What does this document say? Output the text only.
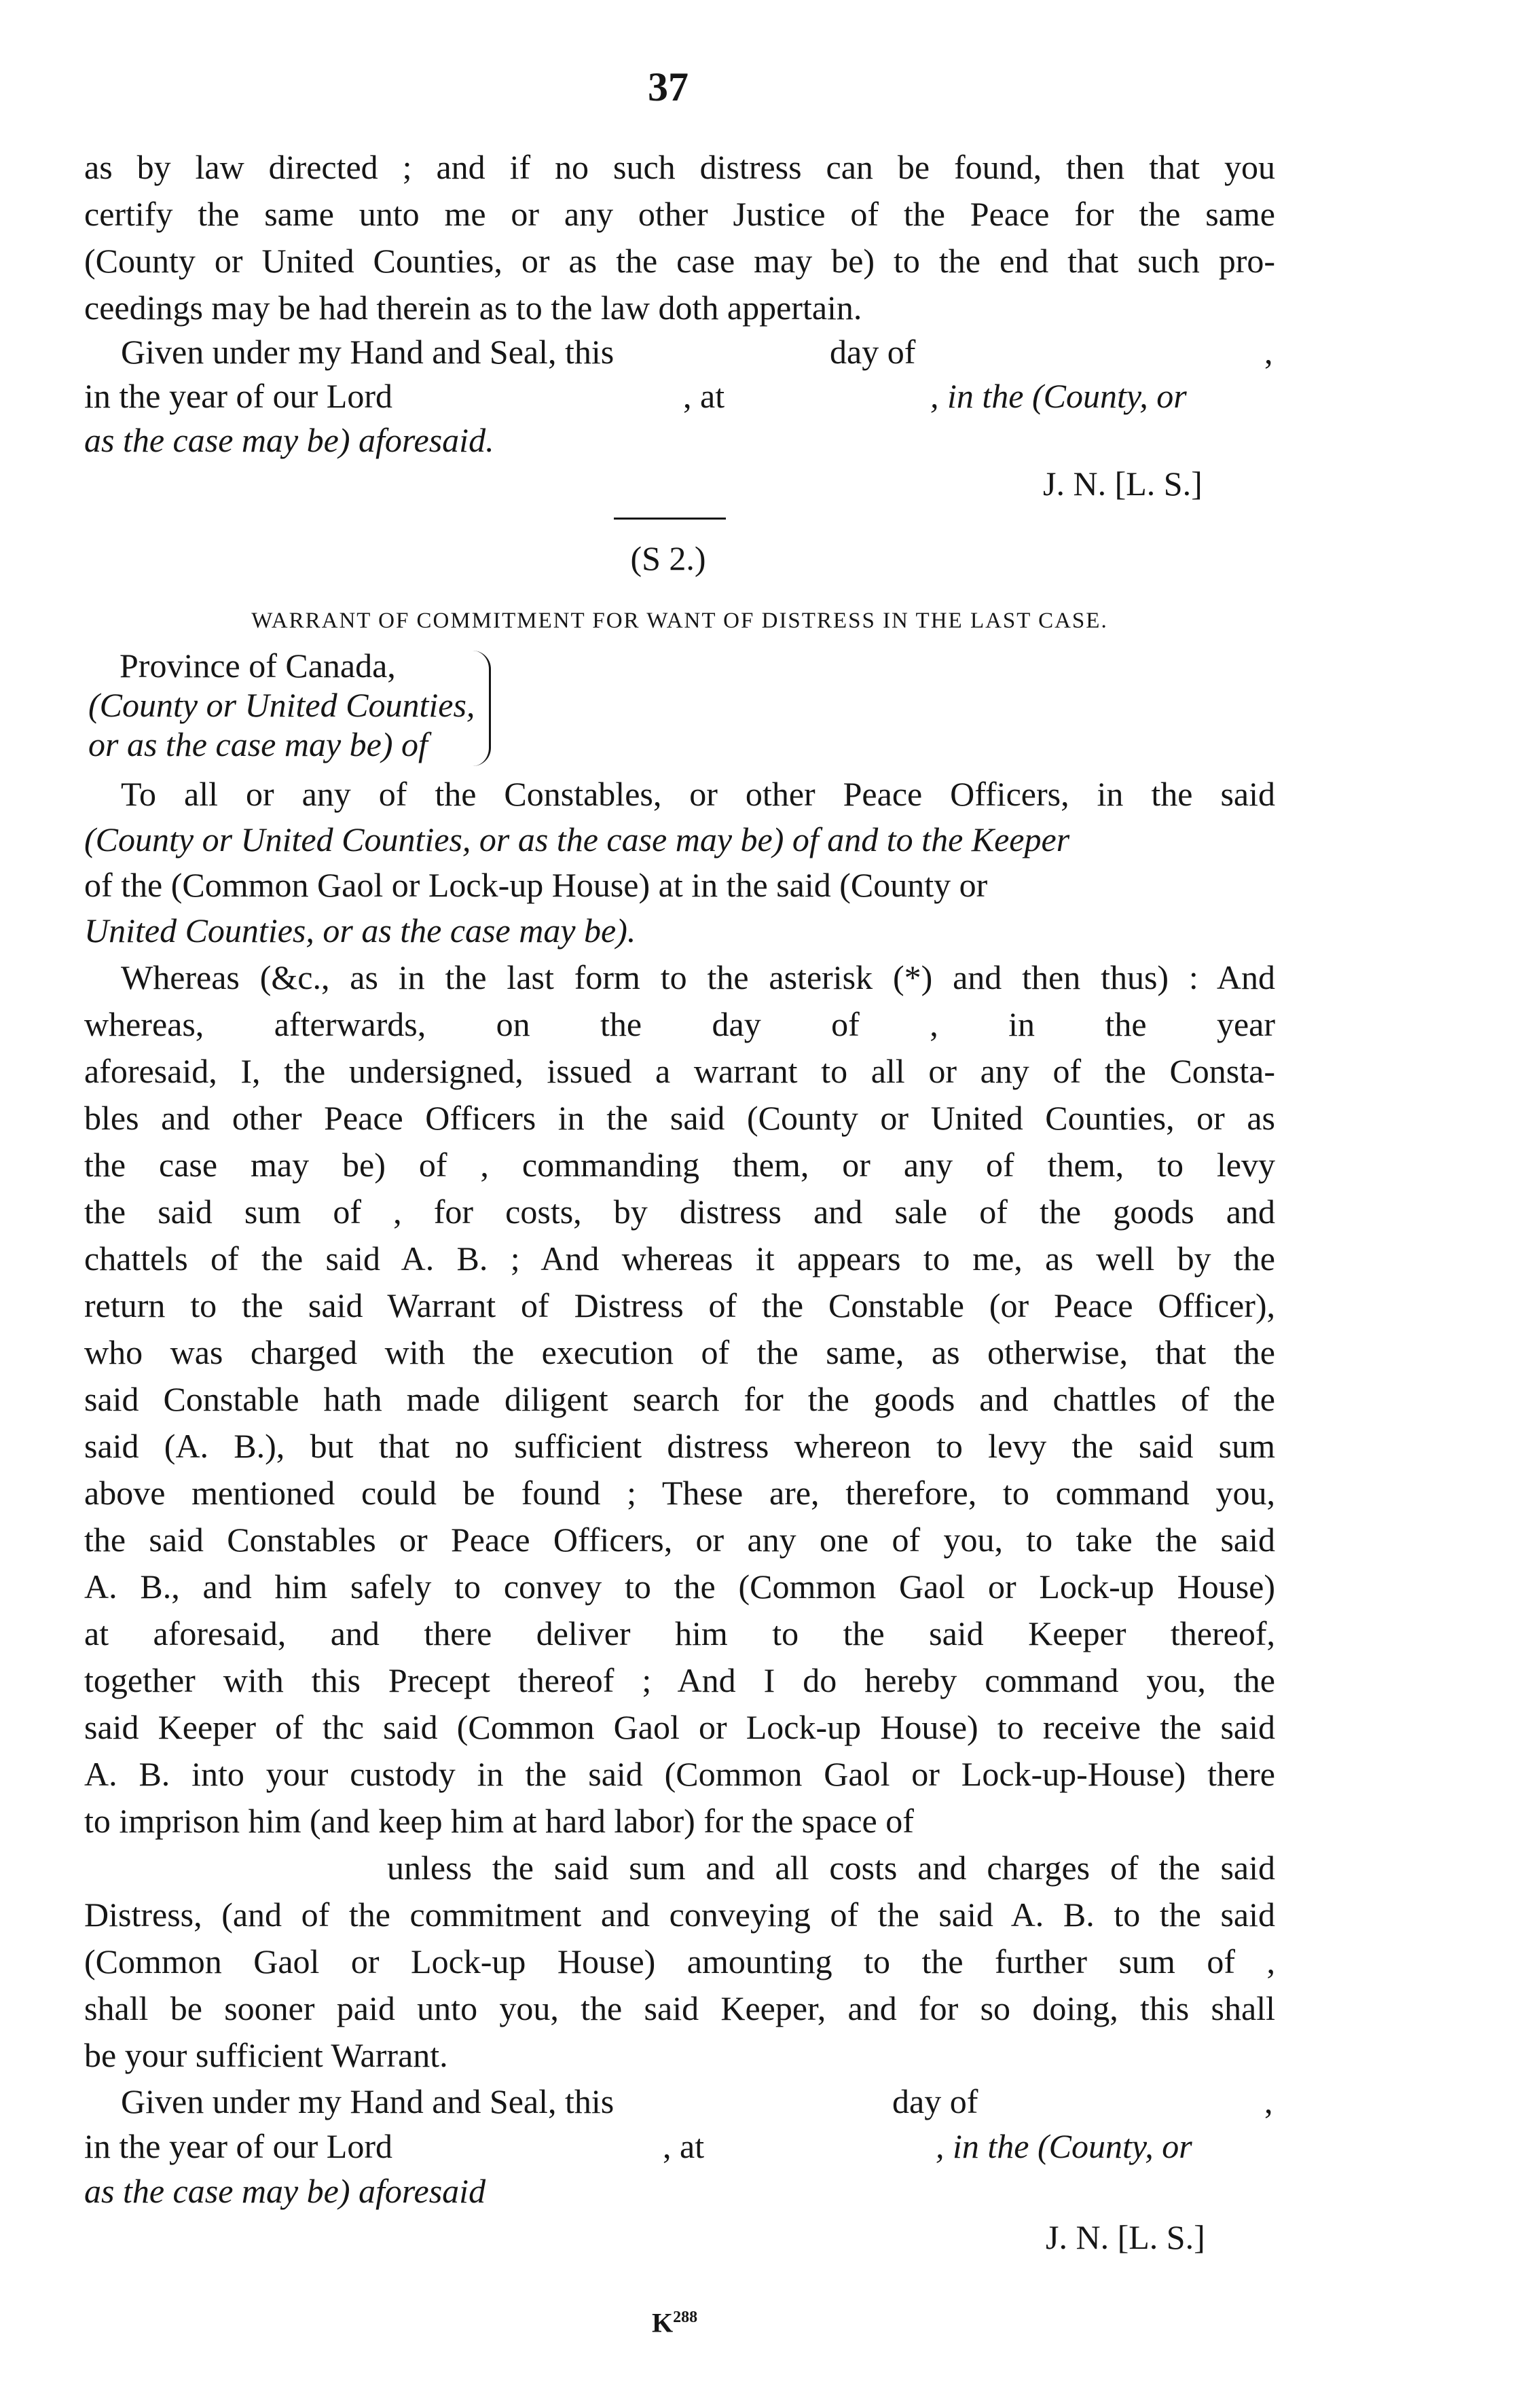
37
as by law directed ; and if no such distress can be found, then that you
certify the same unto me or any other Justice of the Peace for the same
(County or United Counties, or as the case may be) to the end that such pro-
ceedings may be had therein as to the law doth appertain.
Given under my Hand and Seal, this	day of	,
in the year of our Lord	, at	, in the (County, or
as the case may be) aforesaid.
J. N. [L. S.]
(S 2.)
WARRANT OF COMMITMENT FOR WANT OF DISTRESS IN THE LAST CASE.
Province of Canada,
(County or United Counties,
or as the case may be) of
To all or any of the Constables, or other Peace Officers, in the said
(County or United Counties, or as the case may be) of and to the Keeper
of the (Common Gaol or Lock-up House) at in the said (County or
United Counties, or as the case may be).
Whereas (&c., as in the last form to the asterisk (*) and then thus) : And
whereas, afterwards, on the day of , in the year
aforesaid, I, the undersigned, issued a warrant to all or any of the Consta-
bles and other Peace Officers in the said (County or United Counties, or as
the case may be) of , commanding them, or any of them, to levy
the said sum of , for costs, by distress and sale of the goods and
chattels of the said A. B. ; And whereas it appears to me, as well by the
return to the said Warrant of Distress of the Constable (or Peace Officer),
who was charged with the execution of the same, as otherwise, that the
said Constable hath made diligent search for the goods and chattles of the
said (A. B.), but that no sufficient distress whereon to levy the said sum
above mentioned could be found ; These are, therefore, to command you,
the said Constables or Peace Officers, or any one of you, to take the said
A. B., and him safely to convey to the (Common Gaol or Lock-up House)
at aforesaid, and there deliver him to the said Keeper thereof,
together with this Precept thereof ; And I do hereby command you, the
said Keeper of thc said (Common Gaol or Lock-up House) to receive the said
A. B. into your custody in the said (Common Gaol or Lock-up-House) there
to imprison him (and keep him at hard labor) for the space of
unless the said sum and all costs and charges of the said
Distress, (and of the commitment and conveying of the said A. B. to the said
(Common Gaol or Lock-up House) amounting to the further sum of ,
shall be sooner paid unto you, the said Keeper, and for so doing, this shall
be your sufficient Warrant.
Given under my Hand and Seal, this	day of	,
in the year of our Lord	, at	, in the (County, or
as the case may be) aforesaid
J. N. [L. S.]
$K^{288}$
